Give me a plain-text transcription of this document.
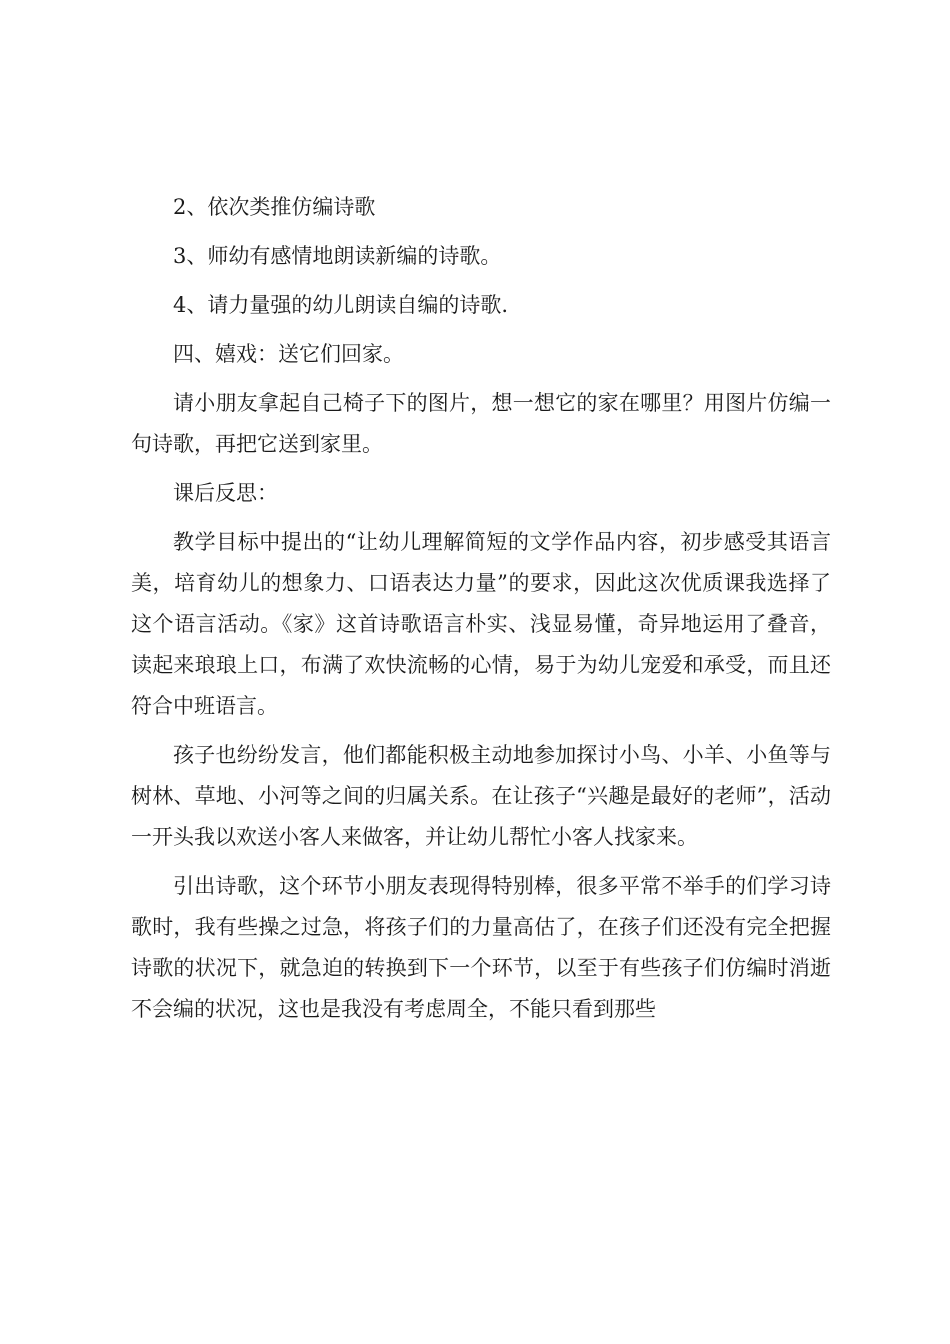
2、依次类推仿编诗歌

3、师幼有感情地朗读新编的诗歌。

4、请力量强的幼儿朗读自编的诗歌.

四、嬉戏：送它们回家。

请小朋友拿起自己椅子下的图片，想一想它的家在哪里？用图片仿编一句诗歌，再把它送到家里。

课后反思：

教学目标中提出的“让幼儿理解简短的文学作品内容，初步感受其语言美，培育幼儿的想象力、口语表达力量”的要求，因此这次优质课我选择了这个语言活动。《家》这首诗歌语言朴实、浅显易懂，奇异地运用了叠音，读起来琅琅上口，布满了欢快流畅的心情，易于为幼儿宠爱和承受，而且还符合中班语言。

孩子也纷纷发言，他们都能积极主动地参加探讨小鸟、小羊、小鱼等与树林、草地、小河等之间的归属关系。在让孩子“兴趣是最好的老师”，活动一开头我以欢送小客人来做客，并让幼儿帮忙小客人找家来。

引出诗歌，这个环节小朋友表现得特别棒，很多平常不举手的们学习诗歌时，我有些操之过急，将孩子们的力量高估了，在孩子们还没有完全把握诗歌的状况下，就急迫的转换到下一个环节，以至于有些孩子们仿编时消逝不会编的状况，这也是我没有考虑周全，不能只看到那些
